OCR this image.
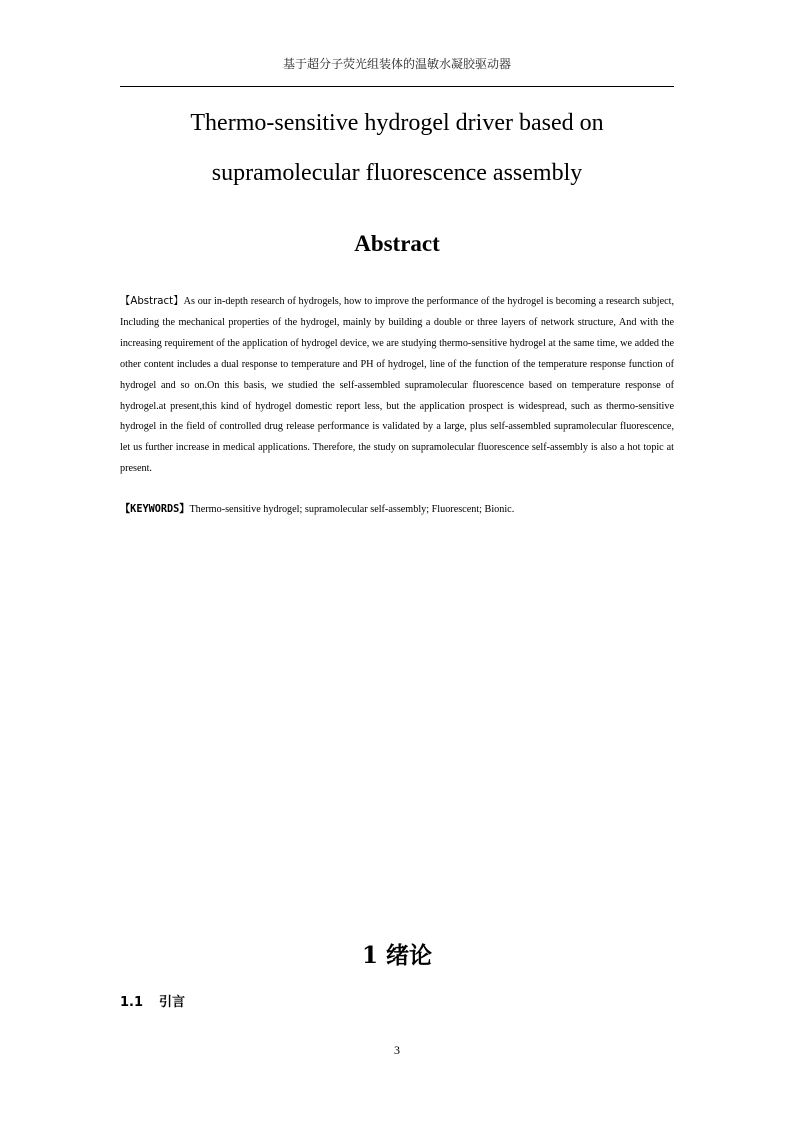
基于超分子荧光组装体的温敏水凝胶驱动器
Thermo-sensitive hydrogel driver based on
supramolecular fluorescence assembly
Abstract
【Abstract】As our in-depth research of hydrogels, how to improve the performance of the hydrogel is becoming a research subject, Including the mechanical properties of the hydrogel, mainly by building a double or three layers of network structure, And with the increasing requirement of the application of hydrogel device, we are studying thermo-sensitive hydrogel at the same time, we added the other content includes a dual response to temperature and PH of hydrogel, line of the function of the temperature response function of hydrogel and so on.On this basis, we studied the self-assembled supramolecular fluorescence based on temperature response of hydrogel.at present,this kind of hydrogel domestic report less, but the application prospect is widespread, such as thermo-sensitive hydrogel in the field of controlled drug release performance is validated by a large, plus self-assembled supramolecular fluorescence, let us further increase in medical applications. Therefore, the study on supramolecular fluorescence self-assembly is also a hot topic at present.
【KEYWORDS】Thermo-sensitive hydrogel; supramolecular self-assembly; Fluorescent; Bionic.
1 绪论
1.1 引言
3
